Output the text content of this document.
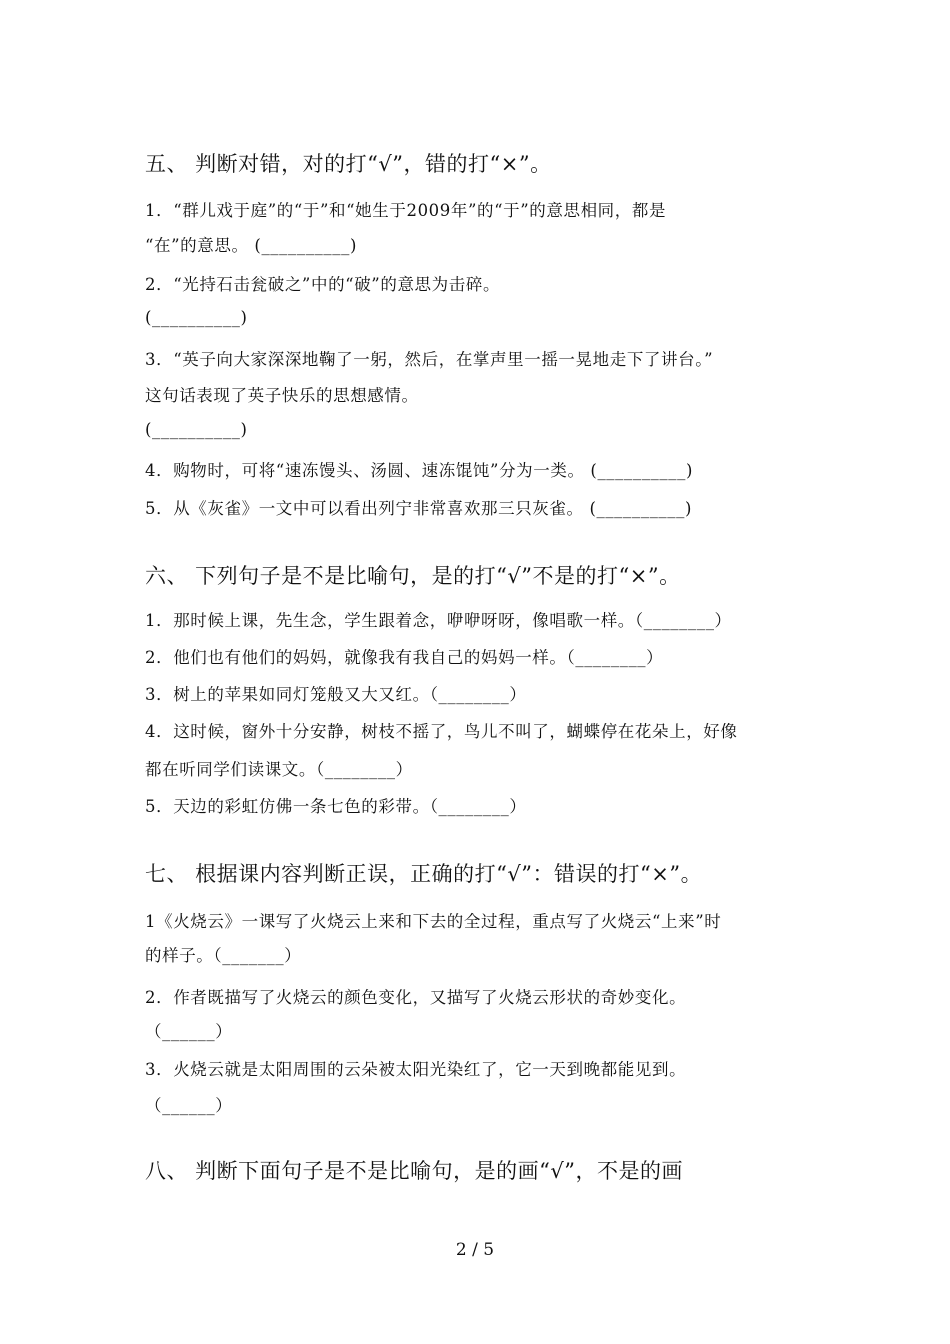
五、 判断对错，对的打“√”，错的打“×”。
1．“群儿戏于庭”的“于”和“她生于2009年”的“于”的意思相同，都是
“在”的意思。 (__________)
2．“光持石击瓮破之”中的“破”的意思为击碎。
(__________)
3．“英子向大家深深地鞠了一躬，然后，在掌声里一摇一晃地走下了讲台。”
这句话表现了英子快乐的思想感情。
(__________)
4．购物时，可将“速冻馒头、汤圆、速冻馄饨”分为一类。 (__________)
5．从《灰雀》一文中可以看出列宁非常喜欢那三只灰雀。 (__________)
六、 下列句子是不是比喻句，是的打“√”不是的打“×”。
1．那时候上课，先生念，学生跟着念，咿咿呀呀，像唱歌一样。（________）
2．他们也有他们的妈妈，就像我有我自己的妈妈一样。（________）
3．树上的苹果如同灯笼般又大又红。（________）
4．这时候，窗外十分安静，树枝不摇了，鸟儿不叫了，蝴蝶停在花朵上，好像
都在听同学们读课文。（________）
5．天边的彩虹仿佛一条七色的彩带。（________）
七、 根据课内容判断正误，正确的打“√”：错误的打“×”。
1《火烧云》一课写了火烧云上来和下去的全过程，重点写了火烧云“上来”时
的样子。（_______）
2．作者既描写了火烧云的颜色变化，又描写了火烧云形状的奇妙变化。
（______）
3．火烧云就是太阳周围的云朵被太阳光染红了，它一天到晚都能见到。
（______）
八、 判断下面句子是不是比喻句，是的画“√”，不是的画
2 / 5
